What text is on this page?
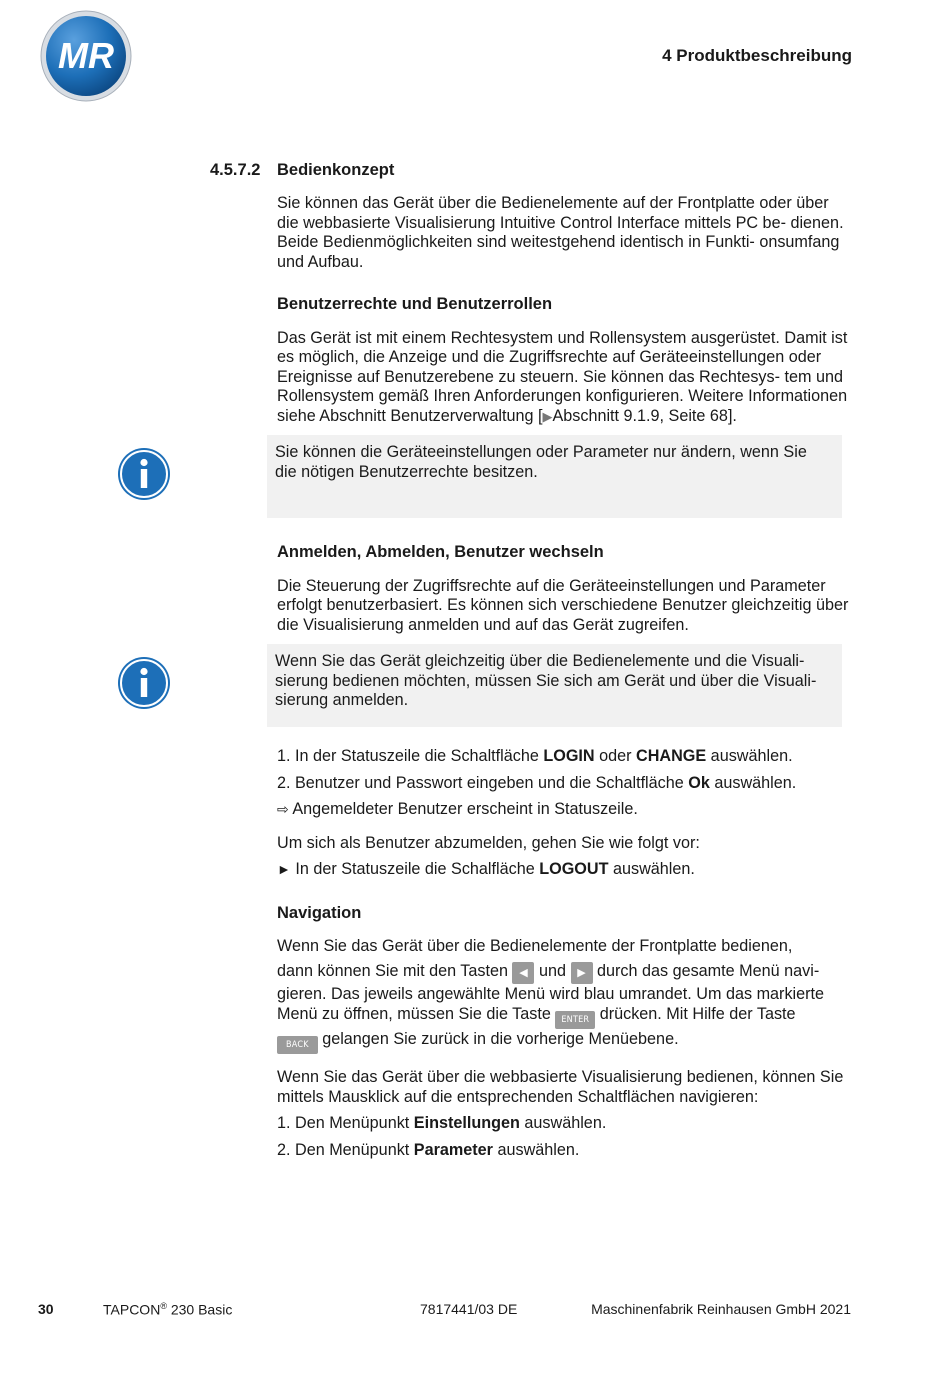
MR	4 Produktbeschreibung
4.5.7.2 Bedienkonzept

Sie können das Gerät über die Bedienelemente auf der Frontplatte oder über die webbasierte Visualisierung Intuitive Control Interface mittels PC be- dienen. Beide Bedienmöglichkeiten sind weitestgehend identisch in Funkti- onsumfang und Aufbau.

Benutzerrechte und Benutzerrollen

Das Gerät ist mit einem Rechtesystem und Rollensystem ausgerüstet. Damit ist es möglich, die Anzeige und die Zugriffsrechte auf Geräteeinstellungen oder Ereignisse auf Benutzerebene zu steuern. Sie können das Rechtesys- tem und Rollensystem gemäß Ihren Anforderungen konfigurieren. Weitere Informationen siehe Abschnitt Benutzerverwaltung [▶Abschnitt 9.1.9, Seite 68].

Sie können die Geräteeinstellungen oder Parameter nur ändern, wenn Sie die nötigen Benutzerrechte besitzen.

Anmelden, Abmelden, Benutzer wechseln

Die Steuerung der Zugriffsrechte auf die Geräteeinstellungen und Parameter erfolgt benutzerbasiert. Es können sich verschiedene Benutzer gleichzeitig über die Visualisierung anmelden und auf das Gerät zugreifen.

Wenn Sie das Gerät gleichzeitig über die Bedienelemente und die Visuali- sierung bedienen möchten, müssen Sie sich am Gerät und über die Visuali- sierung anmelden.

1. In der Statuszeile die Schaltfläche LOGIN oder CHANGE auswählen.

2. Benutzer und Passwort eingeben und die Schaltfläche Ok auswählen.

⇨ Angemeldeter Benutzer erscheint in Statuszeile.

Um sich als Benutzer abzumelden, gehen Sie wie folgt vor:

► In der Statuszeile die Schalfläche LOGOUT auswählen.

Navigation

Wenn Sie das Gerät über die Bedienelemente der Frontplatte bedienen,

dann können Sie mit den Tasten ◀ und ▶ durch das gesamte Menü navi- gieren. Das jeweils angewählte Menü wird blau umrandet. Um das markierte Menü zu öffnen, müssen Sie die Taste ENTER drücken. Mit Hilfe der Taste
BACK gelangen Sie zurück in die vorherige Menüebene.

Wenn Sie das Gerät über die webbasierte Visualisierung bedienen, können Sie mittels Mausklick auf die entsprechenden Schaltflächen navigieren:

1. Den Menüpunkt Einstellungen auswählen.

2. Den Menüpunkt Parameter auswählen.

30	TAPCON® 230 Basic	7817441/03 DE	Maschinenfabrik Reinhausen GmbH 2021
